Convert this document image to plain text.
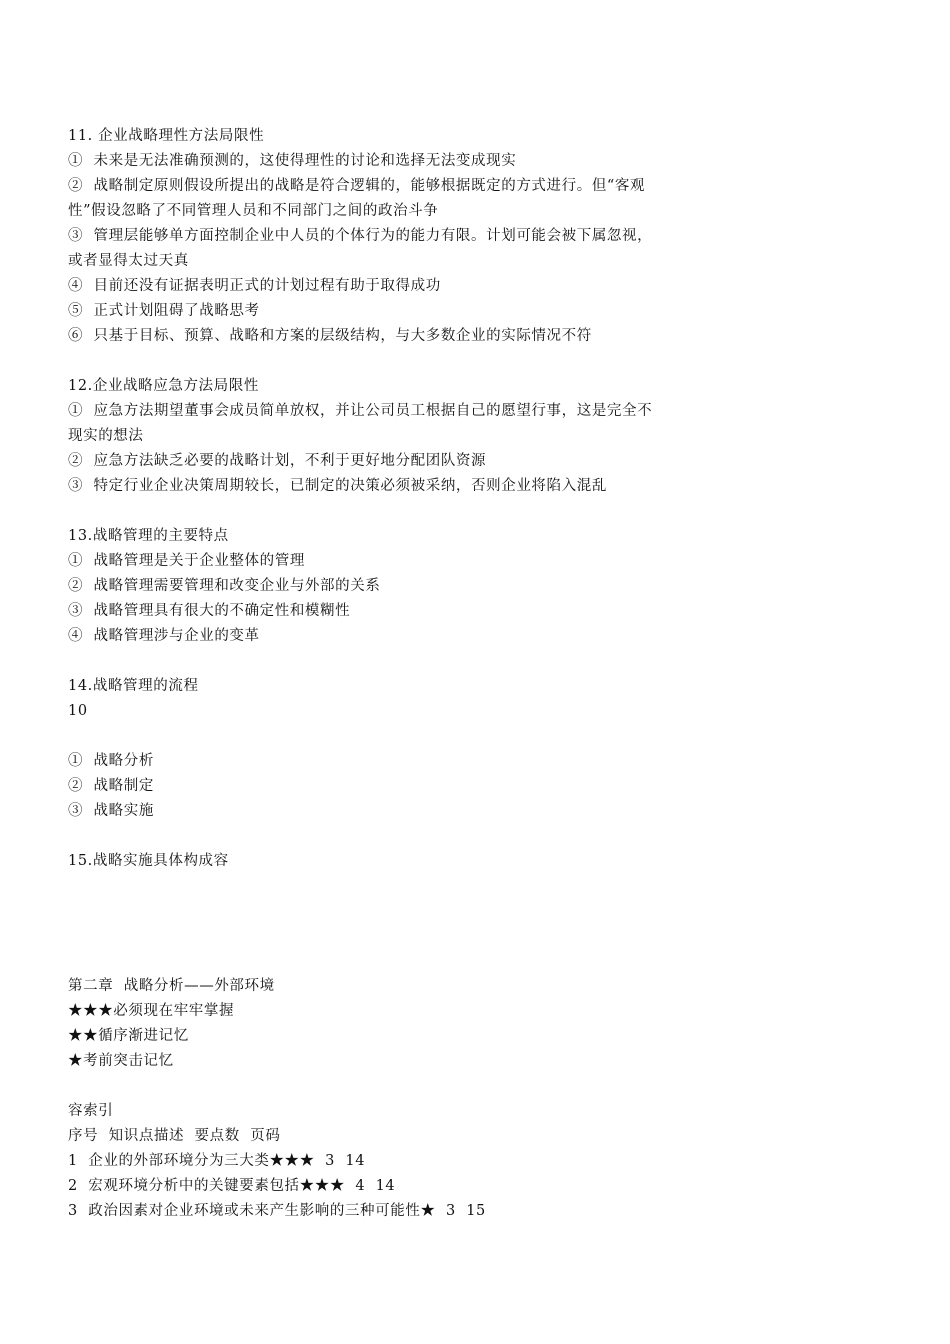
11. 企业战略理性方法局限性
①  未来是无法准确预测的，这使得理性的讨论和选择无法变成现实
②  战略制定原则假设所提出的战略是符合逻辑的，能够根据既定的方式进行。但“客观
性”假设忽略了不同管理人员和不同部门之间的政治斗争
③  管理层能够单方面控制企业中人员的个体行为的能力有限。计划可能会被下属忽视，
或者显得太过天真
④  目前还没有证据表明正式的计划过程有助于取得成功
⑤  正式计划阻碍了战略思考
⑥  只基于目标、预算、战略和方案的层级结构，与大多数企业的实际情况不符
12.企业战略应急方法局限性
①  应急方法期望董事会成员简单放权，并让公司员工根据自己的愿望行事，这是完全不
现实的想法
②  应急方法缺乏必要的战略计划，不利于更好地分配团队资源
③  特定行业企业决策周期较长，已制定的决策必须被采纳，否则企业将陷入混乱
13.战略管理的主要特点
①  战略管理是关于企业整体的管理
②  战略管理需要管理和改变企业与外部的关系
③  战略管理具有很大的不确定性和模糊性
④  战略管理涉与企业的变革
14.战略管理的流程
10
①  战略分析
②  战略制定
③  战略实施
15.战略实施具体构成容
第二章  战略分析——外部环境
★★★必须现在牢牢掌握
★★循序渐进记忆
★考前突击记忆
容索引
序号  知识点描述  要点数  页码
1  企业的外部环境分为三大类★★★  3  14
2  宏观环境分析中的关键要素包括★★★  4  14
3  政治因素对企业环境或未来产生影响的三种可能性★  3  15
